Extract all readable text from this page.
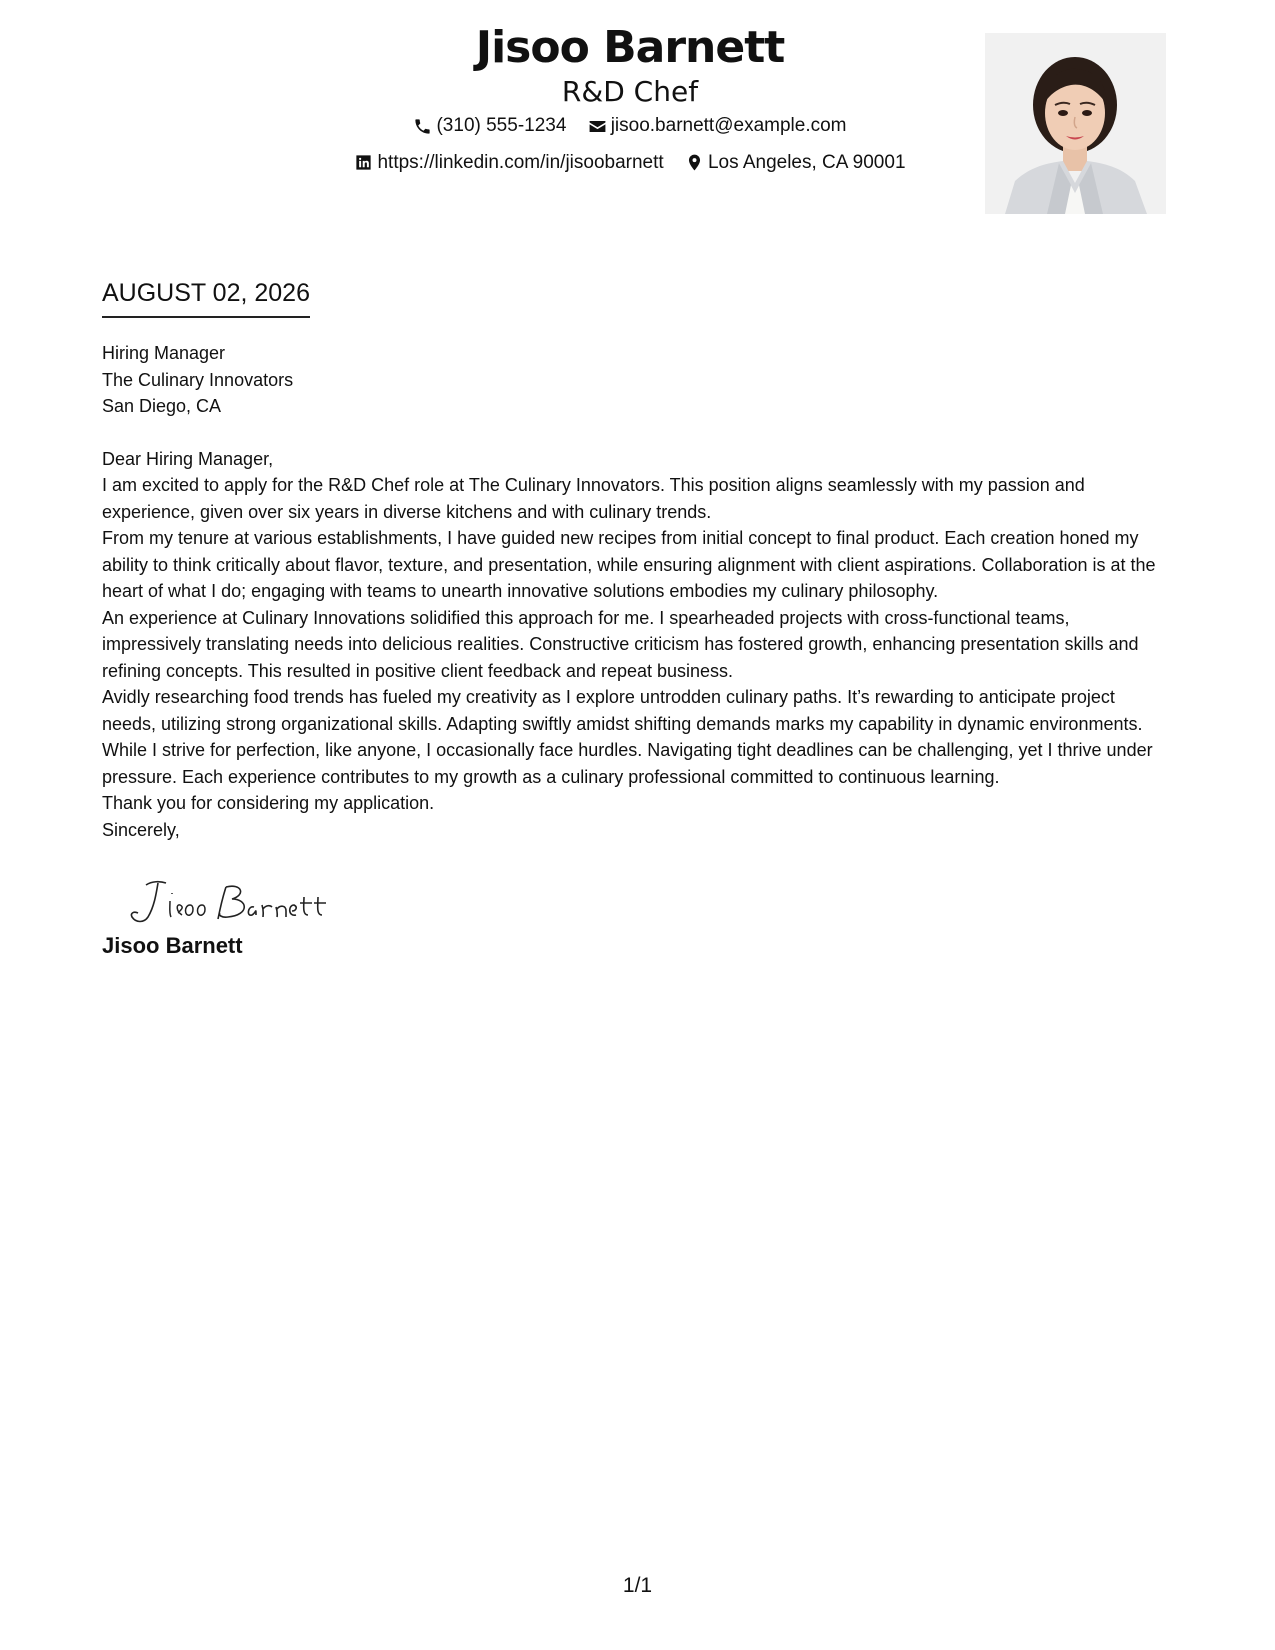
Jisoo Barnett

R&D Chef

(310) 555-1234
jisoo.barnett@example.com
https://linkedin.com/in/jisoobarnett
Los Angeles, CA 90001

AUGUST 02, 2026

Hiring Manager

The Culinary Innovators

San Diego, CA

Dear Hiring Manager,

I am excited to apply for the R&D Chef role at The Culinary Innovators. This position aligns seamlessly with my passion and experience, given over six years in diverse kitchens and with culinary trends.

From my tenure at various establishments, I have guided new recipes from initial concept to final product. Each creation honed my ability to think critically about flavor, texture, and presentation, while ensuring alignment with client aspirations. Collaboration is at the heart of what I do; engaging with teams to unearth innovative solutions embodies my culinary philosophy.

An experience at Culinary Innovations solidified this approach for me. I spearheaded projects with cross-functional teams, impressively translating needs into delicious realities. Constructive criticism has fostered growth, enhancing presentation skills and refining concepts. This resulted in positive client feedback and repeat business.

Avidly researching food trends has fueled my creativity as I explore untrodden culinary paths. It’s rewarding to anticipate project needs, utilizing strong organizational skills. Adapting swiftly amidst shifting demands marks my capability in dynamic environments.

While I strive for perfection, like anyone, I occasionally face hurdles. Navigating tight deadlines can be challenging, yet I thrive under pressure. Each experience contributes to my growth as a culinary professional committed to continuous learning.

Thank you for considering my application.

Sincerely,

Jisoo Barnett

1/1
